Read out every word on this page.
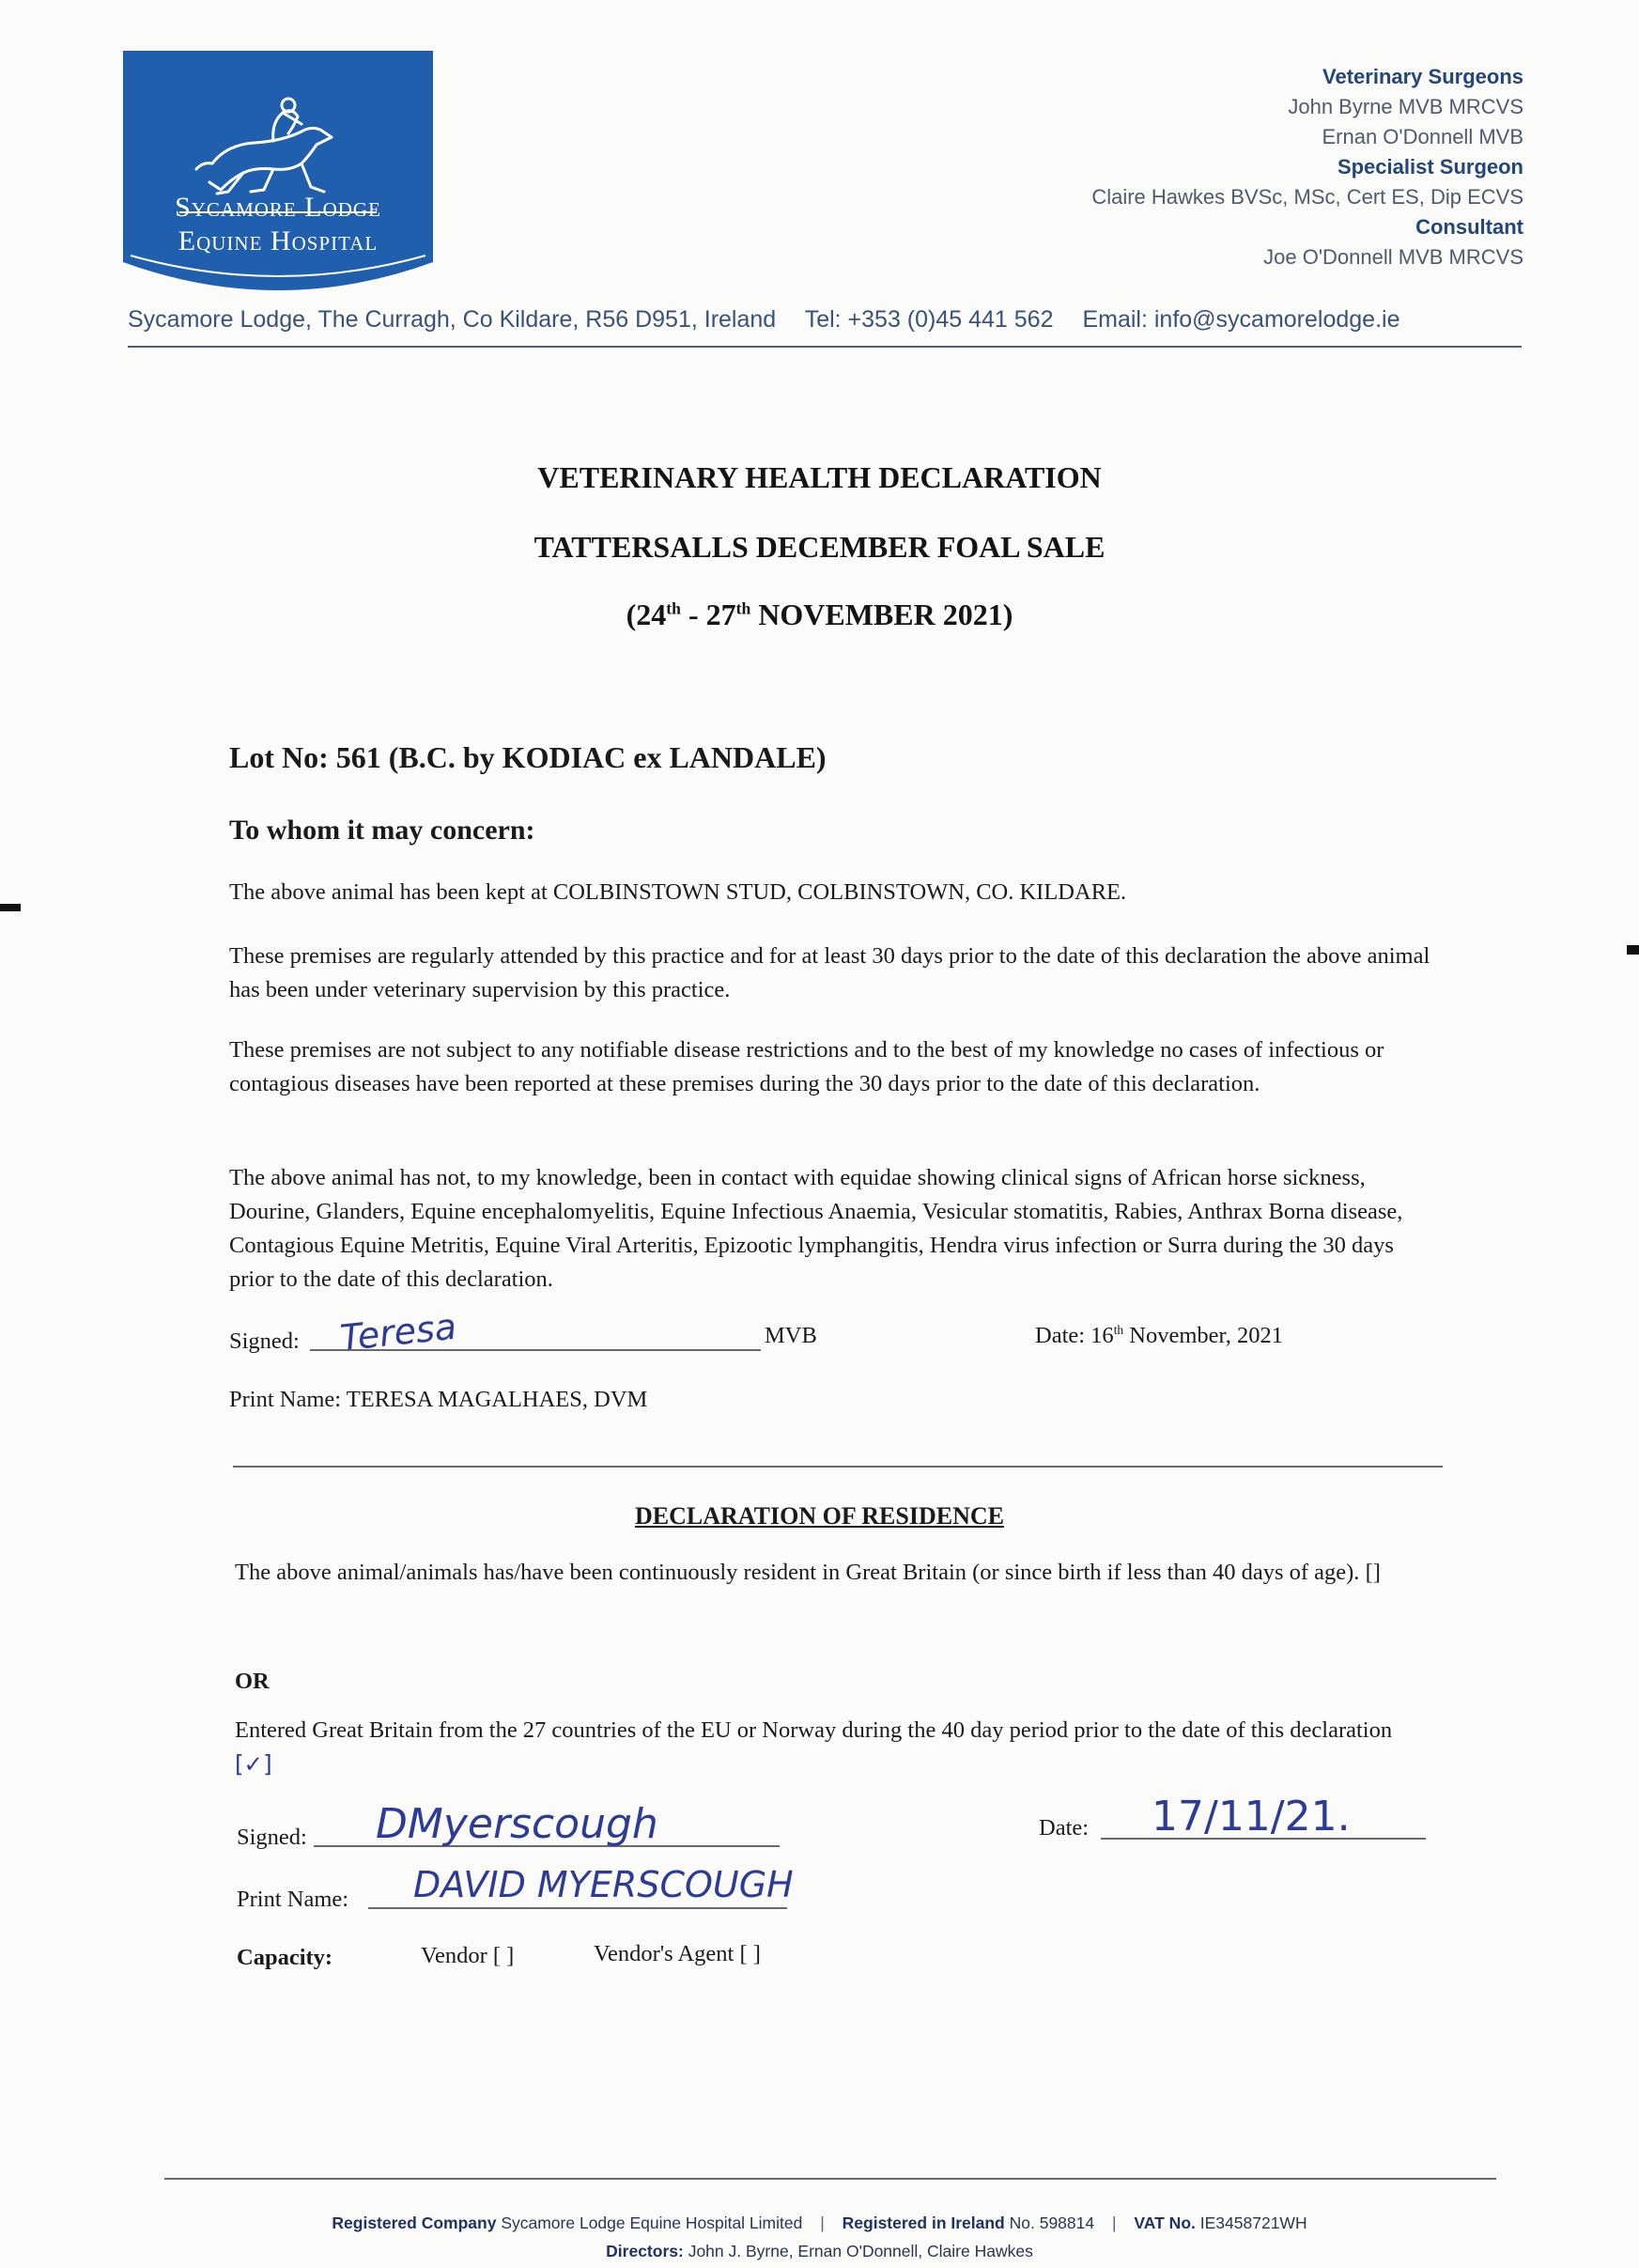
Sycamore Lodge
Equine Hospital
Veterinary Surgeons
John Byrne MVB MRCVS
Ernan O'Donnell MVB
Specialist Surgeon
Claire Hawkes BVSc, MSc, Cert ES, Dip ECVS
Consultant
Joe O'Donnell MVB MRCVS
Sycamore Lodge, The Curragh, Co Kildare, R56 D951, Ireland Tel: +353 (0)45 441 562 Email: info@sycamorelodge.ie
VETERINARY HEALTH DECLARATION
TATTERSALLS DECEMBER FOAL SALE
(24th - 27th NOVEMBER 2021)
Lot No: 561 (B.C. by KODIAC ex LANDALE)
To whom it may concern:
The above animal has been kept at COLBINSTOWN STUD, COLBINSTOWN, CO. KILDARE.
These premises are regularly attended by this practice and for at least 30 days prior to the date of this declaration the above animal has been under veterinary supervision by this practice.
These premises are not subject to any notifiable disease restrictions and to the best of my knowledge no cases of infectious or contagious diseases have been reported at these premises during the 30 days prior to the date of this declaration.
The above animal has not, to my knowledge, been in contact with equidae showing clinical signs of African horse sickness, Dourine, Glanders, Equine encephalomyelitis, Equine Infectious Anaemia, Vesicular stomatitis, Rabies, Anthrax Borna disease, Contagious Equine Metritis, Equine Viral Arteritis, Epizootic lymphangitis, Hendra virus infection or Surra during the 30 days prior to the date of this declaration.
Signed: Teresa	MVB	Date: 16th November, 2021
Print Name: TERESA MAGALHAES, DVM
DECLARATION OF RESIDENCE
The above animal/animals has/have been continuously resident in Great Britain (or since birth if less than 40 days of age). []
OR
Entered Great Britain from the 27 countries of the EU or Norway during the 40 day period prior to the date of this declaration [✓]
Signed: DMyerscough	Date: 17/11/21.
Print Name: DAVID MYERSCOUGH
Capacity:	Vendor [ ]	Vendor's Agent [ ]
Registered Company Sycamore Lodge Equine Hospital Limited | Registered in Ireland No. 598814 | VAT No. IE3458721WH
Directors: John J. Byrne, Ernan O'Donnell, Claire Hawkes
